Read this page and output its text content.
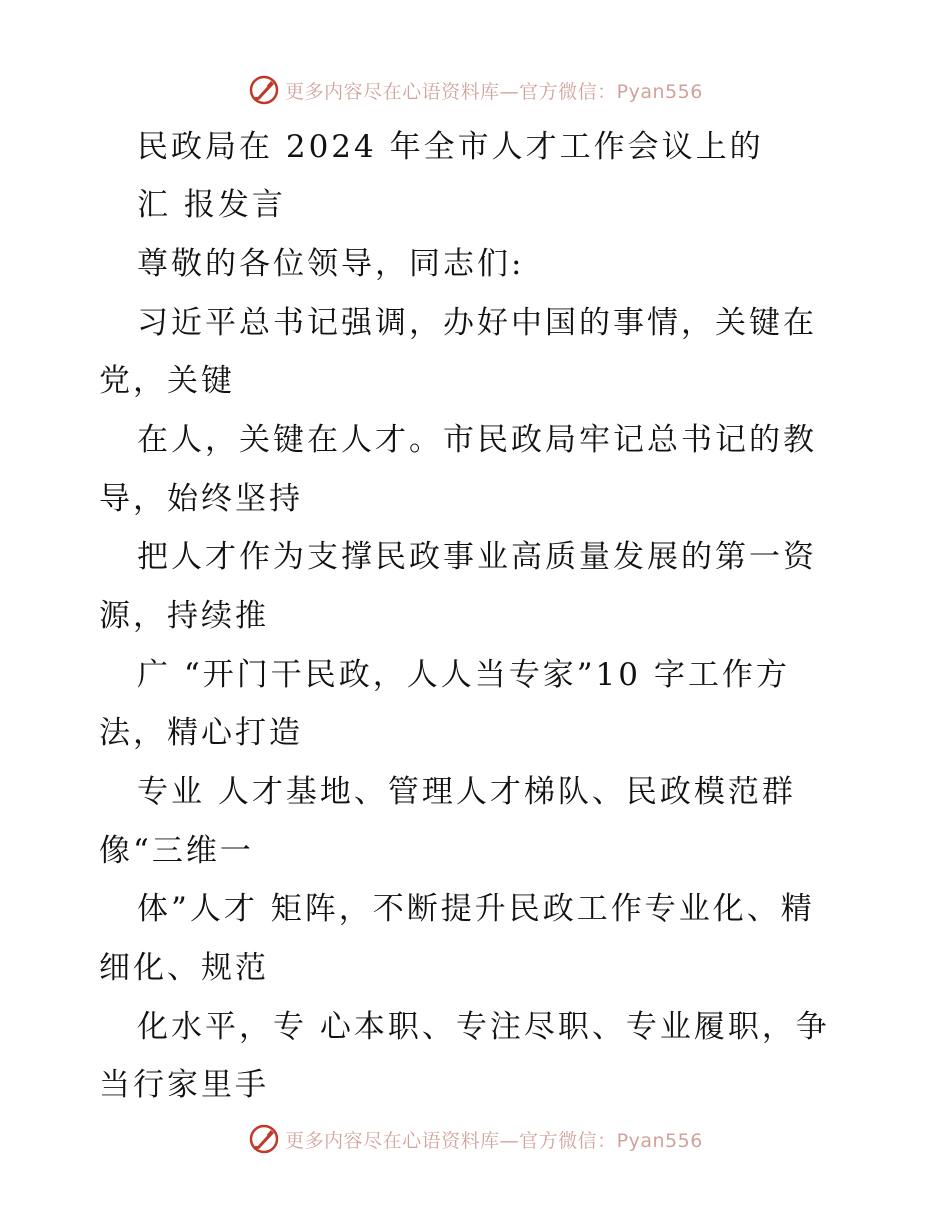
更多内容尽在心语资料库—官方微信：Pyan556
民政局在 2024 年全市人才工作会议上的
汇 报发言
尊敬的各位领导，同志们:
习近平总书记强调，办好中国的事情，关键在
党，关键
在人，关键在人才。市民政局牢记总书记的教
导，始终坚持
把人才作为支撑民政事业高质量发展的第一资
源，持续推
广 “开门干民政，人人当专家”10 字工作方
法，精心打造
专业 人才基地、管理人才梯队、民政模范群
像“三维一
体”人才 矩阵，不断提升民政工作专业化、精
细化、规范
化水平，专 心本职、专注尽职、专业履职，争
当行家里手
更多内容尽在心语资料库—官方微信：Pyan556
